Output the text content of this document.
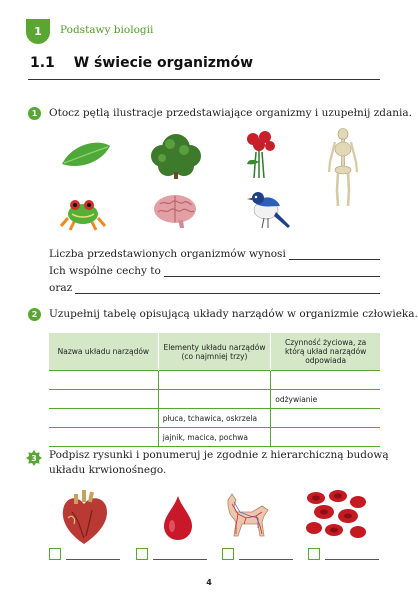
1	Podstawy biologii
1.1 W świecie organizmów
1	Otocz pętlą ilustracje przedstawiające organizmy i uzupełnij zdania.
Liczba przedstawionych organizmów wynosi
Ich wspólne cechy to
oraz
2	Uzupełnij tabelę opisującą układy narządów w organizmie człowieka.
Nazwa układu narządów	Elementy układu narządów (co najmniej trzy)	Czynność życiowa, za którą układ narządów odpowiada

		odżywianie
	płuca, tchawica, oskrzela	
	jajnik, macica, pochwa	
3	Podpisz rysunki i ponumeruj je zgodnie z hierarchiczną budową
układu krwionośnego.
4
